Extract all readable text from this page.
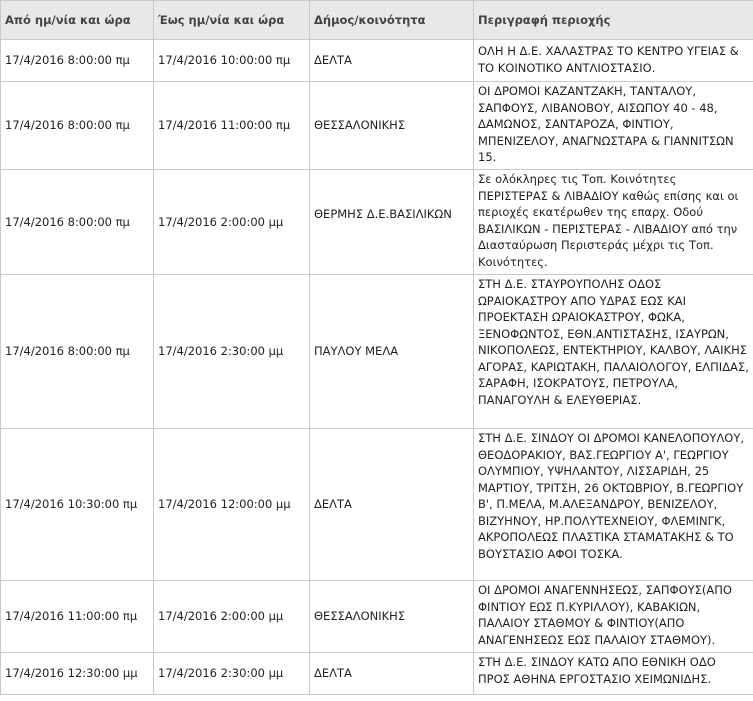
Από ημ/νία και ώρα	Έως ημ/νία και ώρα	Δήμος/κοινότητα	Περιγραφή περιοχής
17/4/2016 8:00:00 πμ	17/4/2016 10:00:00 πμ	ΔΕΛΤΑ	ΟΛΗ Η Δ.Ε. ΧΑΛΑΣΤΡΑΣ ΤΟ ΚΕΝΤΡΟ ΥΓΕΙΑΣ & ΤΟ ΚΟΙΝΟΤΙΚΟ ΑΝΤΛΙΟΣΤΑΣΙΟ.
17/4/2016 8:00:00 πμ	17/4/2016 11:00:00 πμ	ΘΕΣΣΑΛΟΝΙΚΗΣ	ΟΙ ΔΡΟΜΟΙ ΚΑΖΑΝΤΖΑΚΗ, ΤΑΝΤΑΛΟΥ, ΣΑΠΦΟΥΣ, ΛΙΒΑΝΟΒΟΥ, ΑΙΣΩΠΟΥ 40 - 48, ΔΑΜΩΝΟΣ, ΣΑΝΤΑΡΟΖΑ, ΦΙΝΤΙΟΥ, ΜΠΕΝΙΖΕΛΟΥ, ΑΝΑΓΝΩΣΤΑΡΑ & ΓΙΑΝΝΙΤΣΩΝ 15.
17/4/2016 8:00:00 πμ	17/4/2016 2:00:00 μμ	ΘΕΡΜΗΣ Δ.Ε.ΒΑΣΙΛΙΚΩΝ	Σε ολόκληρες τις Τοπ. Κοινότητες ΠΕΡΙΣΤΕΡΑΣ & ΛΙΒΑΔΙΟΥ καθώς επίσης και οι περιοχές εκατέρωθεν της επαρχ. Οδού ΒΑΣΙΛΙΚΩΝ - ΠΕΡΙΣΤΕΡΑΣ - ΛΙΒΑΔΙΟΥ από την Διασταύρωση Περιστεράς μέχρι τις Τοπ. Κοινότητες.
17/4/2016 8:00:00 πμ	17/4/2016 2:30:00 μμ	ΠΑΥΛΟΥ ΜΕΛΑ	ΣΤΗ Δ.Ε. ΣΤΑΥΡΟΥΠΟΛΗΣ ΟΔΟΣ ΩΡΑΙΟΚΑΣΤΡΟΥ ΑΠΟ ΥΔΡΑΣ ΕΩΣ ΚΑΙ ΠΡΟΕΚΤΑΣΗ ΩΡΑΙΟΚΑΣΤΡΟΥ, ΦΩΚΑ, ΞΕΝΟΦΩΝΤΟΣ, ΕΘΝ.ΑΝΤΙΣΤΑΣΗΣ, ΙΣΑΥΡΩΝ, ΝΙΚΟΠΟΛΕΩΣ, ΕΝΤΕΚΤΗΡΙΟΥ, ΚΑΛΒΟΥ, ΛΑΙΚΗΣ ΑΓΟΡΑΣ, ΚΑΡΙΩΤΑΚΗ, ΠΑΛΑΙΟΛΟΓΟΥ, ΕΛΠΙΔΑΣ, ΣΑΡΑΦΗ, ΙΣΟΚΡΑΤΟΥΣ, ΠΕΤΡΟΥΛΑ, ΠΑΝΑΓΟΥΛΗ & ΕΛΕΥΘΕΡΙΑΣ.
17/4/2016 10:30:00 πμ	17/4/2016 12:00:00 μμ	ΔΕΛΤΑ	ΣΤΗ Δ.Ε. ΣΙΝΔΟΥ ΟΙ ΔΡΟΜΟΙ ΚΑΝΕΛΟΠΟΥΛΟΥ, ΘΕΟΔΟΡΑΚΙΟΥ, ΒΑΣ.ΓΕΩΡΓΙΟΥ Α', ΓΕΩΡΓΙΟΥ ΟΛΥΜΠΙΟΥ, ΥΨΗΛΑΝΤΟΥ, ΛΙΣΣΑΡΙΔΗ, 25 ΜΑΡΤΙΟΥ, ΤΡΙΤΣΗ, 26 ΟΚΤΩΒΡΙΟΥ, Β.ΓΕΩΡΓΙΟΥ Β', Π.ΜΕΛΑ, Μ.ΑΛΕΞΑΝΔΡΟΥ, ΒΕΝΙΖΕΛΟΥ, ΒΙΖΥΗΝΟΥ, ΗΡ.ΠΟΛΥΤΕΧΝΕΙΟΥ, ΦΛΕΜΙΝΓΚ, ΑΚΡΟΠΟΛΕΩΣ ΠΛΑΣΤΙΚΑ ΣΤΑΜΑΤΑΚΗΣ & ΤΟ ΒΟΥΣΤΑΣΙΟ ΑΦΟΙ ΤΟΣΚΑ.
17/4/2016 11:00:00 πμ	17/4/2016 2:00:00 μμ	ΘΕΣΣΑΛΟΝΙΚΗΣ	ΟΙ ΔΡΟΜΟΙ ΑΝΑΓΕΝΝΗΣΕΩΣ, ΣΑΠΦΟΥΣ(ΑΠΟ ΦΙΝΤΙΟΥ ΕΩΣ Π.ΚΥΡΙΛΛΟΥ), ΚΑΒΑΚΙΩΝ, ΠΑΛΑΙΟΥ ΣΤΑΘΜΟΥ & ΦΙΝΤΙΟΥ(ΑΠΟ ΑΝΑΓΕΝΗΣΕΩΣ ΕΩΣ ΠΑΛΑΙΟΥ ΣΤΑΘΜΟΥ).
17/4/2016 12:30:00 μμ	17/4/2016 2:30:00 μμ	ΔΕΛΤΑ	ΣΤΗ Δ.Ε. ΣΙΝΔΟΥ ΚΑΤΩ ΑΠΟ ΕΘΝΙΚΗ ΟΔΟ ΠΡΟΣ ΑΘΗΝΑ ΕΡΓΟΣΤΑΣΙΟ ΧΕΙΜΩΝΙΔΗΣ.
